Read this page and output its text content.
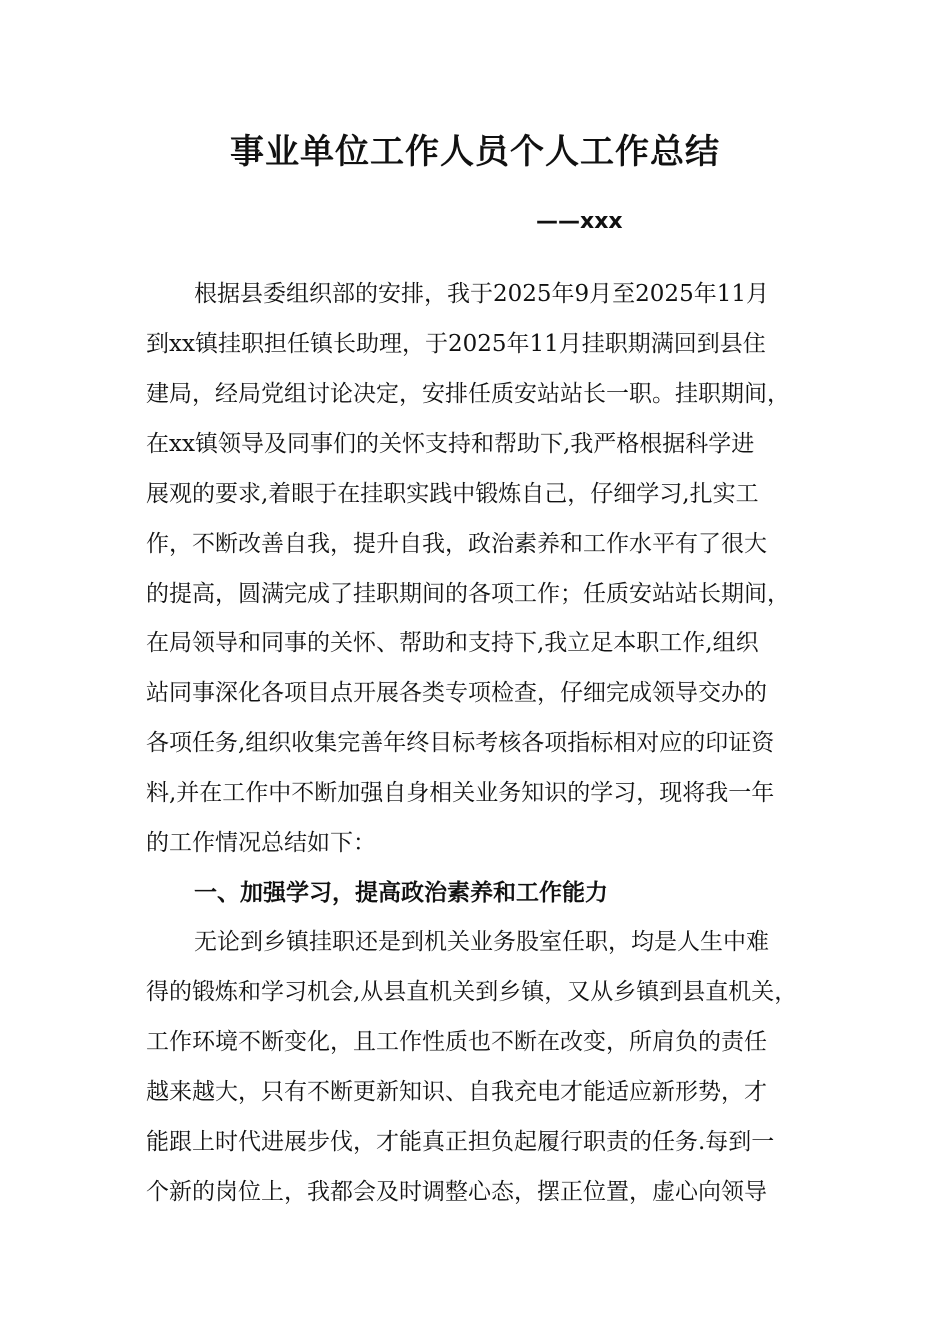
事业单位工作人员个人工作总结

——xxx

根据县委组织部的安排，我于2025年9月至2025年11月

到xx镇挂职担任镇长助理，于2025年11月挂职期满回到县住

建局，经局党组讨论决定，安排任质安站站长一职。挂职期间，

在xx镇领导及同事们的关怀支持和帮助下,我严格根据科学进

展观的要求,着眼于在挂职实践中锻炼自己，仔细学习,扎实工

作，不断改善自我，提升自我，政治素养和工作水平有了很大

的提高，圆满完成了挂职期间的各项工作；任质安站站长期间，

在局领导和同事的关怀、帮助和支持下,我立足本职工作,组织

站同事深化各项目点开展各类专项检查，仔细完成领导交办的

各项任务,组织收集完善年终目标考核各项指标相对应的印证资

料,并在工作中不断加强自身相关业务知识的学习，现将我一年

的工作情况总结如下：

一、加强学习，提高政治素养和工作能力

无论到乡镇挂职还是到机关业务股室任职，均是人生中难

得的锻炼和学习机会,从县直机关到乡镇，又从乡镇到县直机关，

工作环境不断变化，且工作性质也不断在改变，所肩负的责任

越来越大，只有不断更新知识、自我充电才能适应新形势，才

能跟上时代进展步伐，才能真正担负起履行职责的任务.每到一

个新的岗位上，我都会及时调整心态，摆正位置，虚心向领导
